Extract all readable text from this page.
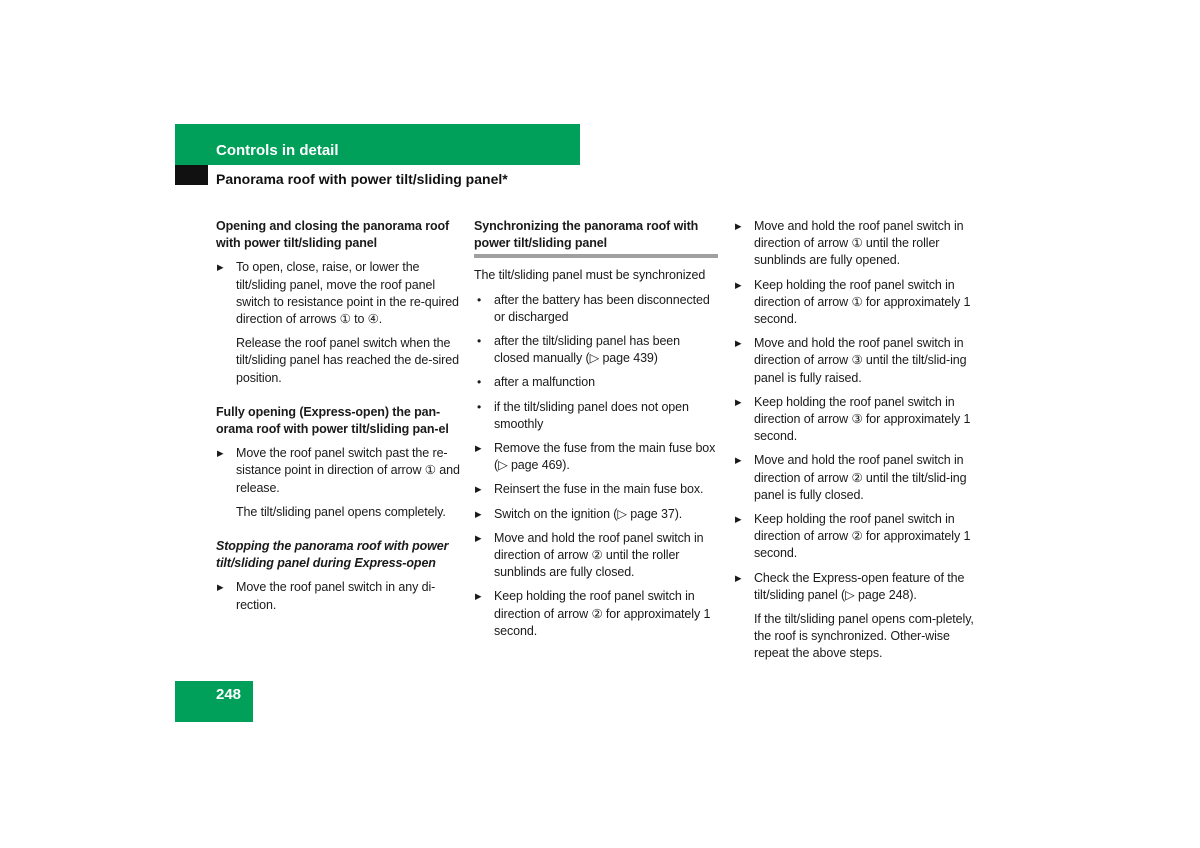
Controls in detail
Panorama roof with power tilt/sliding panel*
Opening and closing the panorama roof with power tilt/sliding panel

▶ To open, close, raise, or lower the tilt/sliding panel, move the roof panel switch to resistance point in the re-quired direction of arrows ① to ④.

Release the roof panel switch when the tilt/sliding panel has reached the de-sired position.

Fully opening (Express-open) the pan-orama roof with power tilt/sliding pan-el

▶ Move the roof panel switch past the re-sistance point in direction of arrow ① and release.

The tilt/sliding panel opens completely.

Stopping the panorama roof with power tilt/sliding panel during Express-open

▶ Move the roof panel switch in any di-rection.

Synchronizing the panorama roof with power tilt/sliding panel

The tilt/sliding panel must be synchronized

• after the battery has been disconnected or discharged

• after the tilt/sliding panel has been closed manually (▷ page 439)

• after a malfunction

• if the tilt/sliding panel does not open smoothly

▶ Remove the fuse from the main fuse box (▷ page 469).

▶ Reinsert the fuse in the main fuse box.

▶ Switch on the ignition (▷ page 37).

▶ Move and hold the roof panel switch in direction of arrow ② until the roller sunblinds are fully closed.

▶ Keep holding the roof panel switch in direction of arrow ② for approximately 1 second.

▶ Move and hold the roof panel switch in direction of arrow ① until the roller sunblinds are fully opened.

▶ Keep holding the roof panel switch in direction of arrow ① for approximately 1 second.

▶ Move and hold the roof panel switch in direction of arrow ③ until the tilt/slid-ing panel is fully raised.

▶ Keep holding the roof panel switch in direction of arrow ③ for approximately 1 second.

▶ Move and hold the roof panel switch in direction of arrow ② until the tilt/slid-ing panel is fully closed.

▶ Keep holding the roof panel switch in direction of arrow ② for approximately 1 second.

▶ Check the Express-open feature of the tilt/sliding panel (▷ page 248).

If the tilt/sliding panel opens com-pletely, the roof is synchronized. Other-wise repeat the above steps.

248
